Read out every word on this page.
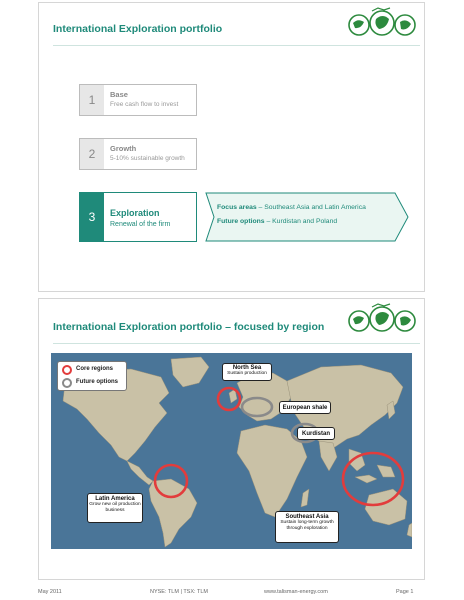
International Exploration portfolio
1	Base
Free cash flow to invest
2	Growth
5-10% sustainable growth
3	Exploration
Renewal of the firm
Focus areas – Southeast Asia and Latin America
Future options – Kurdistan and Poland
International Exploration portfolio – focused by region
Core regions
Future options
North Sea
Sustain production
European shale
Kurdistan
Latin America
Grow new oil production business
Southeast Asia
Sustain long-term growth through exploration
May 2011	NYSE: TLM | TSX: TLM	www.talisman-energy.com	Page 1
